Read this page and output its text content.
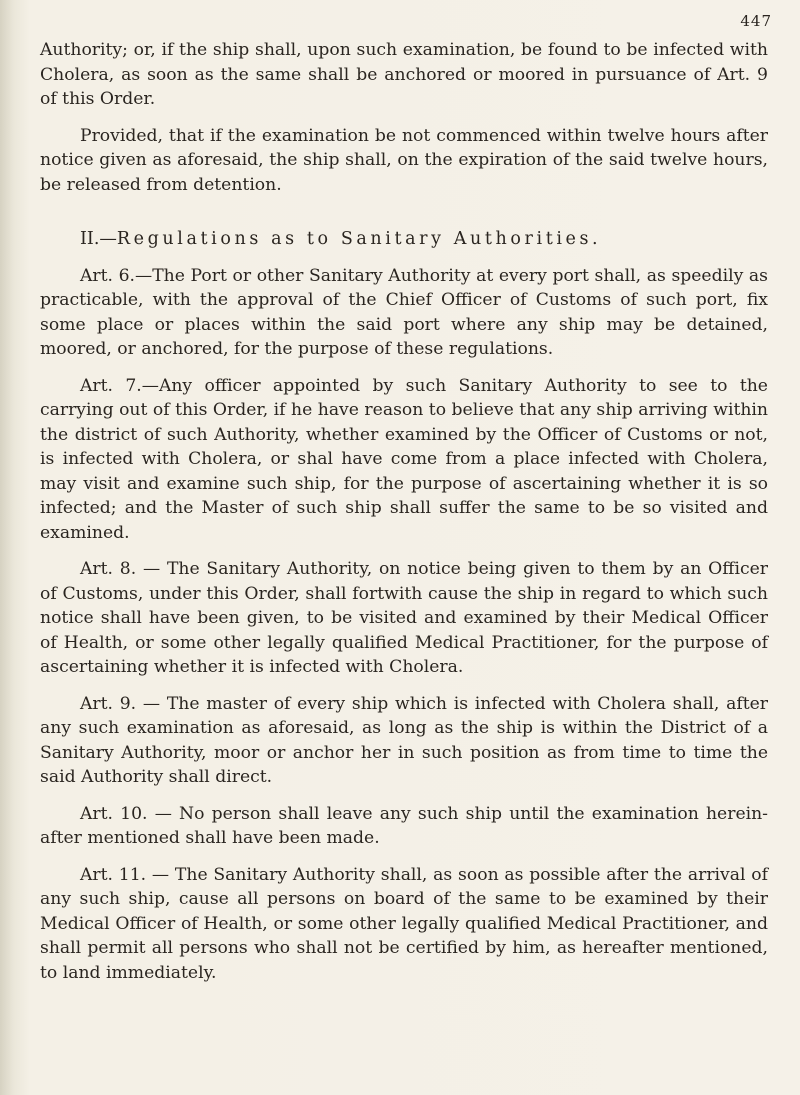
447

Authority; or, if the ship shall, upon such examination, be found to be infected with Cholera, as soon as the same shall be anchored or moored in pursuance of Art. 9 of this Order.

Provided, that if the examination be not commenced within twelve hours after notice given as aforesaid, the ship shall, on the expiration of the said twelve hours, be released from detention.

II.—Regulations as to Sanitary Authorities.

Art. 6.—The Port or other Sanitary Authority at every port shall, as speedily as practicable, with the approval of the Chief Officer of Customs of such port, fix some place or places within the said port where any ship may be detained, moored, or anchored, for the purpose of these regulations.

Art. 7.—Any officer appointed by such Sanitary Authority to see to the carrying out of this Order, if he have reason to believe that any ship arriving within the district of such Authority, whether examined by the Officer of Customs or not, is infected with Cholera, or shal have come from a place infected with Cholera, may visit and examine such ship, for the purpose of ascertaining whether it is so infected; and the Master of such ship shall suffer the same to be so visited and examined.

Art. 8. — The Sanitary Authority, on notice being given to them by an Officer of Customs, under this Order, shall fortwith cause the ship in regard to which such notice shall have been given, to be visited and examined by their Medical Officer of Health, or some other legally qualified Medical Practitioner, for the purpose of ascertaining whether it is infected with Cholera.

Art. 9. — The master of every ship which is infected with Cholera shall, after any such examination as aforesaid, as long as the ship is within the District of a Sanitary Authority, moor or anchor her in such position as from time to time the said Authority shall direct.

Art. 10. — No person shall leave any such ship until the examination herein-after mentioned shall have been made.

Art. 11. — The Sanitary Authority shall, as soon as possible after the arrival of any such ship, cause all persons on board of the same to be examined by their Medical Officer of Health, or some other legally qualified Medical Practitioner, and shall permit all persons who shall not be certified by him, as hereafter mentioned, to land immediately.
